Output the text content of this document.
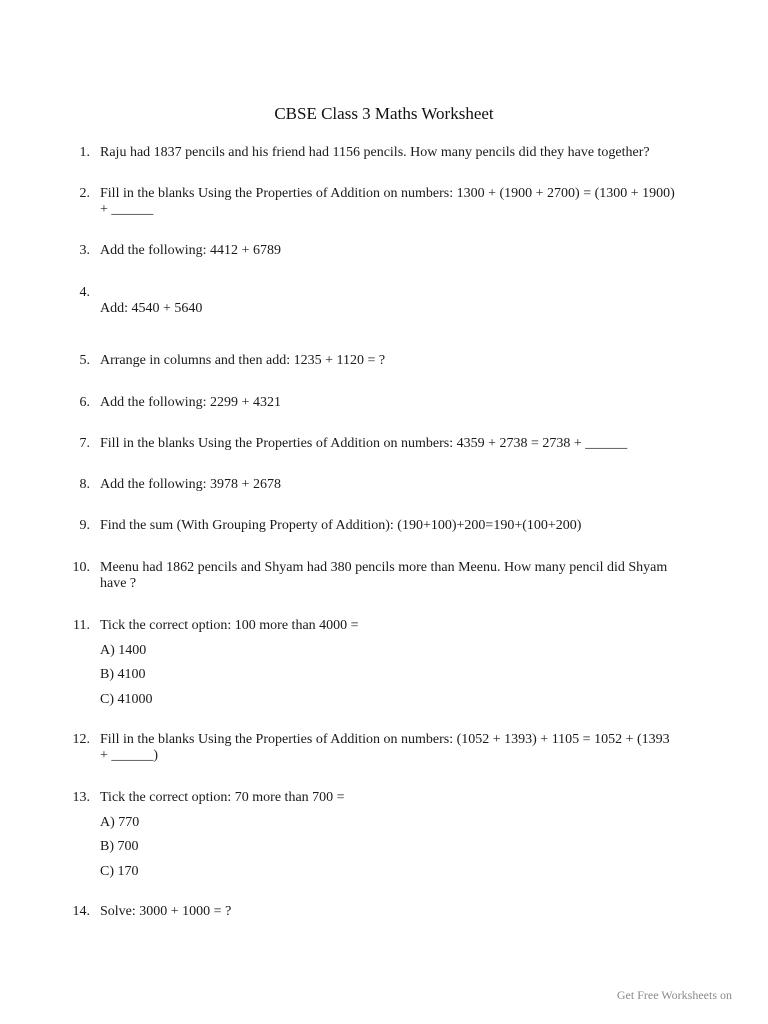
CBSE Class 3 Maths Worksheet
1. Raju had 1837 pencils and his friend had 1156 pencils. How many pencils did they have together?
2. Fill in the blanks Using the Properties of Addition on numbers: 1300 + (1900 + 2700) = (1300 + 1900) + ______
3. Add the following: 4412 + 6789
4.
Add: 4540 + 5640
5. Arrange in columns and then add: 1235 + 1120 = ?
6. Add the following: 2299 + 4321
7. Fill in the blanks Using the Properties of Addition on numbers: 4359 + 2738 = 2738 + ______
8. Add the following: 3978 + 2678
9. Find the sum (With Grouping Property of Addition): (190+100)+200=190+(100+200)
10. Meenu had 1862 pencils and Shyam had 380 pencils more than Meenu. How many pencil did Shyam have ?
11. Tick the correct option: 100 more than 4000 =
A) 1400
B) 4100
C) 41000
12. Fill in the blanks Using the Properties of Addition on numbers: (1052 + 1393) + 1105 = 1052 + (1393 + ______)
13. Tick the correct option: 70 more than 700 =
A) 770
B) 700
C) 170
14. Solve: 3000 + 1000 = ?
Get Free Worksheets on
